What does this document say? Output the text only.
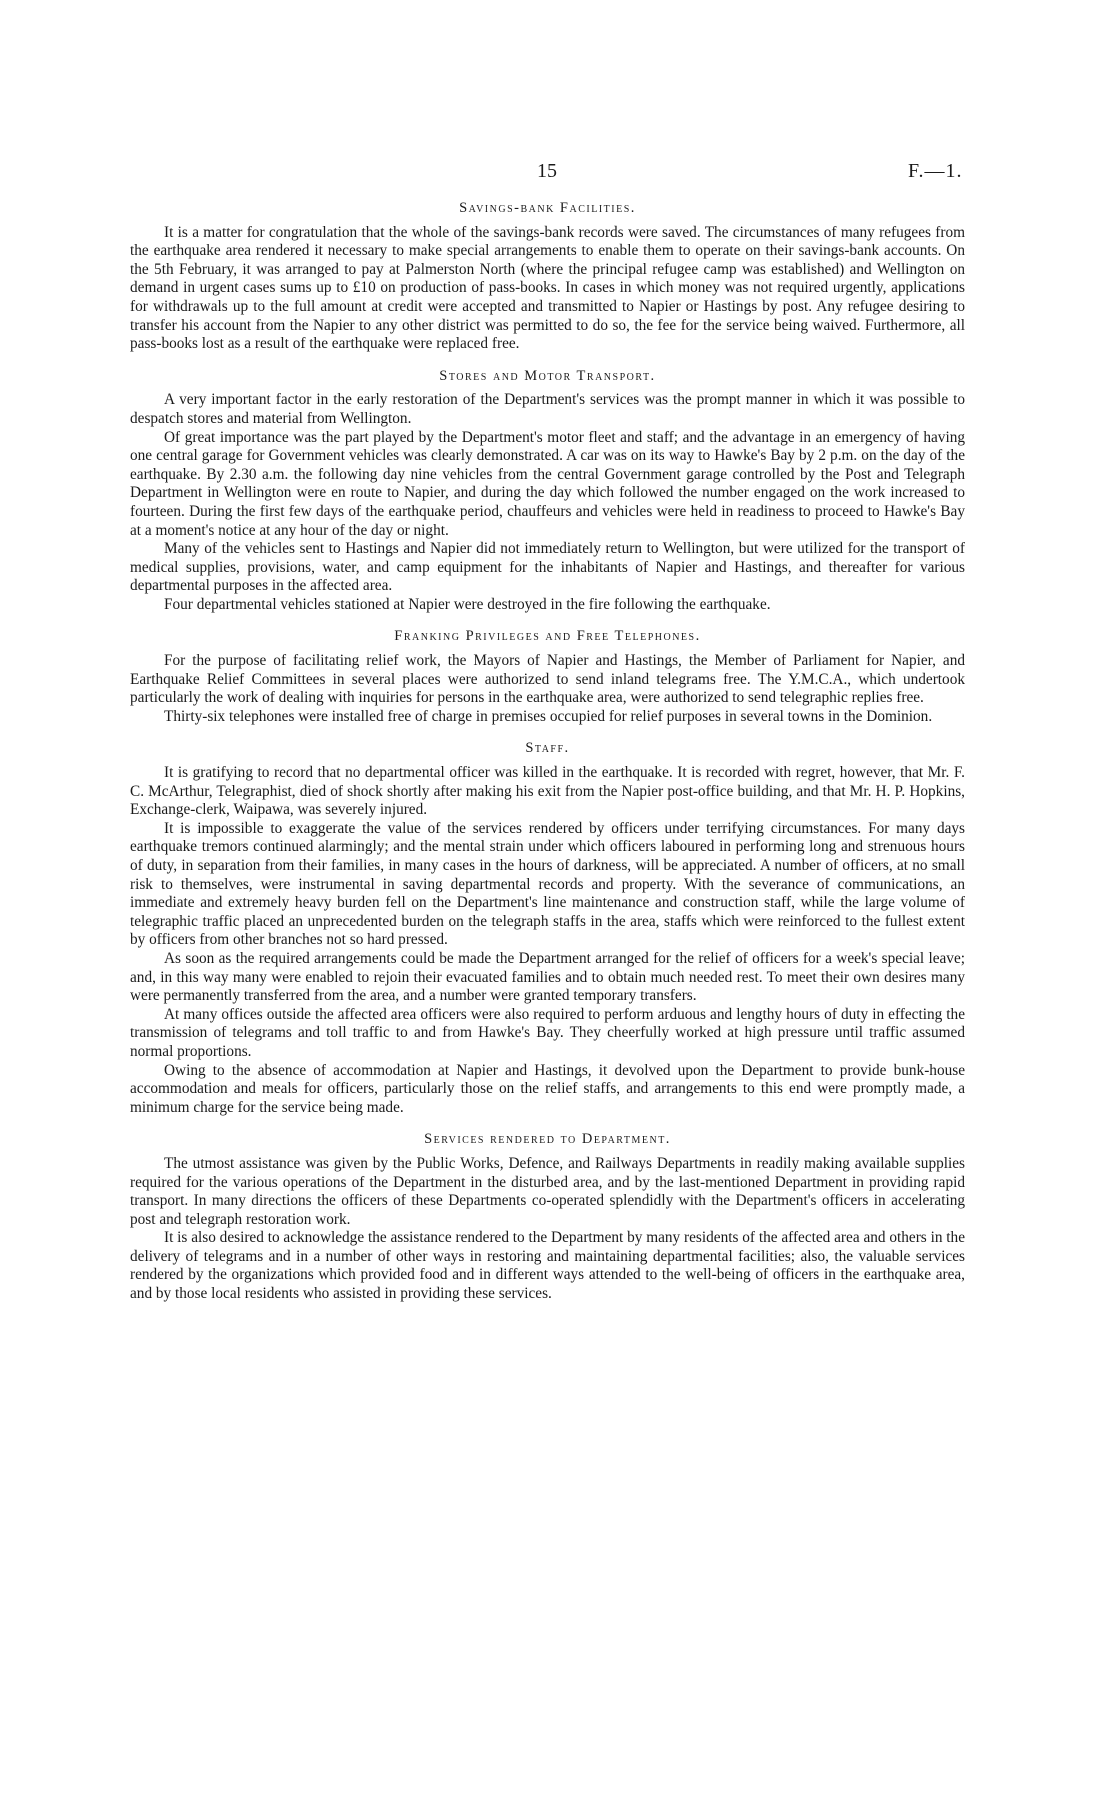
15	F.—1.
Savings-bank Facilities.

It is a matter for congratulation that the whole of the savings-bank records were saved. The circumstances of many refugees from the earthquake area rendered it necessary to make special arrangements to enable them to operate on their savings-bank accounts. On the 5th February, it was arranged to pay at Palmerston North (where the principal refugee camp was established) and Wellington on demand in urgent cases sums up to £10 on production of pass-books. In cases in which money was not required urgently, applications for withdrawals up to the full amount at credit were accepted and transmitted to Napier or Hastings by post. Any refugee desiring to transfer his account from the Napier to any other district was permitted to do so, the fee for the service being waived. Furthermore, all pass-books lost as a result of the earthquake were replaced free.

Stores and Motor Transport.

A very important factor in the early restoration of the Department's services was the prompt manner in which it was possible to despatch stores and material from Wellington.

Of great importance was the part played by the Department's motor fleet and staff; and the advantage in an emergency of having one central garage for Government vehicles was clearly demonstrated. A car was on its way to Hawke's Bay by 2 p.m. on the day of the earthquake. By 2.30 a.m. the following day nine vehicles from the central Government garage controlled by the Post and Telegraph Department in Wellington were en route to Napier, and during the day which followed the number engaged on the work increased to fourteen. During the first few days of the earthquake period, chauffeurs and vehicles were held in readiness to proceed to Hawke's Bay at a moment's notice at any hour of the day or night.

Many of the vehicles sent to Hastings and Napier did not immediately return to Wellington, but were utilized for the transport of medical supplies, provisions, water, and camp equipment for the inhabitants of Napier and Hastings, and thereafter for various departmental purposes in the affected area.

Four departmental vehicles stationed at Napier were destroyed in the fire following the earthquake.

Franking Privileges and Free Telephones.

For the purpose of facilitating relief work, the Mayors of Napier and Hastings, the Member of Parliament for Napier, and Earthquake Relief Committees in several places were authorized to send inland telegrams free. The Y.M.C.A., which undertook particularly the work of dealing with inquiries for persons in the earthquake area, were authorized to send telegraphic replies free.

Thirty-six telephones were installed free of charge in premises occupied for relief purposes in several towns in the Dominion.

Staff.

It is gratifying to record that no departmental officer was killed in the earthquake. It is recorded with regret, however, that Mr. F. C. McArthur, Telegraphist, died of shock shortly after making his exit from the Napier post-office building, and that Mr. H. P. Hopkins, Exchange-clerk, Waipawa, was severely injured.

It is impossible to exaggerate the value of the services rendered by officers under terrifying circumstances. For many days earthquake tremors continued alarmingly; and the mental strain under which officers laboured in performing long and strenuous hours of duty, in separation from their families, in many cases in the hours of darkness, will be appreciated. A number of officers, at no small risk to themselves, were instrumental in saving departmental records and property. With the severance of communications, an immediate and extremely heavy burden fell on the Department's line maintenance and construction staff, while the large volume of telegraphic traffic placed an unprecedented burden on the telegraph staffs in the area, staffs which were reinforced to the fullest extent by officers from other branches not so hard pressed.

As soon as the required arrangements could be made the Department arranged for the relief of officers for a week's special leave; and, in this way many were enabled to rejoin their evacuated families and to obtain much needed rest. To meet their own desires many were permanently transferred from the area, and a number were granted temporary transfers.

At many offices outside the affected area officers were also required to perform arduous and lengthy hours of duty in effecting the transmission of telegrams and toll traffic to and from Hawke's Bay. They cheerfully worked at high pressure until traffic assumed normal proportions.

Owing to the absence of accommodation at Napier and Hastings, it devolved upon the Department to provide bunk-house accommodation and meals for officers, particularly those on the relief staffs, and arrangements to this end were promptly made, a minimum charge for the service being made.

Services rendered to Department.

The utmost assistance was given by the Public Works, Defence, and Railways Departments in readily making available supplies required for the various operations of the Department in the disturbed area, and by the last-mentioned Department in providing rapid transport. In many directions the officers of these Departments co-operated splendidly with the Department's officers in accelerating post and telegraph restoration work.

It is also desired to acknowledge the assistance rendered to the Department by many residents of the affected area and others in the delivery of telegrams and in a number of other ways in restoring and maintaining departmental facilities; also, the valuable services rendered by the organizations which provided food and in different ways attended to the well-being of officers in the earthquake area, and by those local residents who assisted in providing these services.
